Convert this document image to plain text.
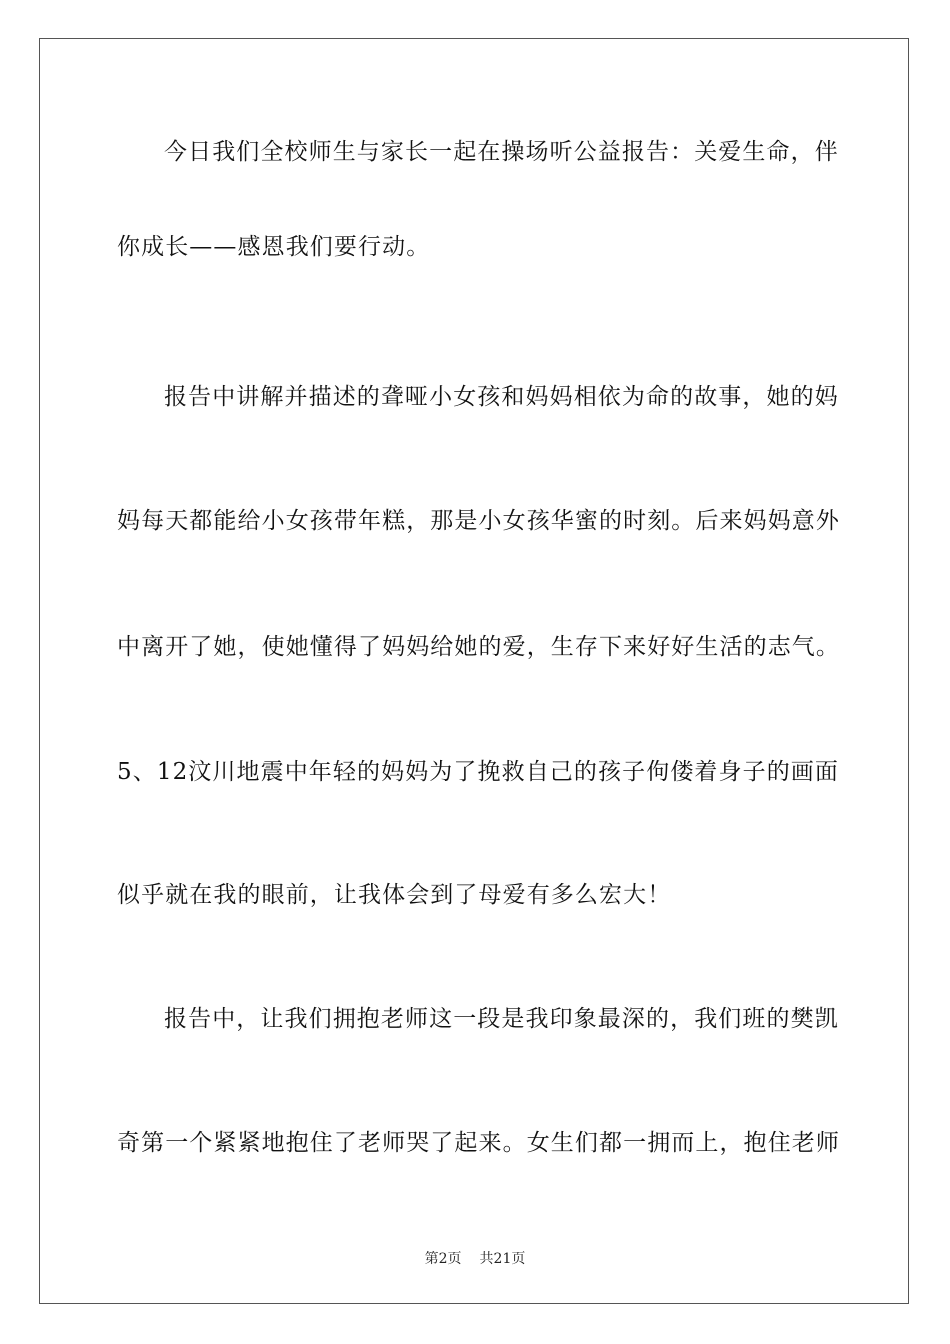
今日我们全校师生与家长一起在操场听公益报告：关爱生命，伴
你成长——感恩我们要行动。
报告中讲解并描述的聋哑小女孩和妈妈相依为命的故事，她的妈
妈每天都能给小女孩带年糕，那是小女孩华蜜的时刻。后来妈妈意外
中离开了她，使她懂得了妈妈给她的爱，生存下来好好生活的志气。
5、12汶川地震中年轻的妈妈为了挽救自己的孩子佝偻着身子的画面
似乎就在我的眼前，让我体会到了母爱有多么宏大！
报告中，让我们拥抱老师这一段是我印象最深的，我们班的樊凯
奇第一个紧紧地抱住了老师哭了起来。女生们都一拥而上，抱住老师
第2页 共21页
